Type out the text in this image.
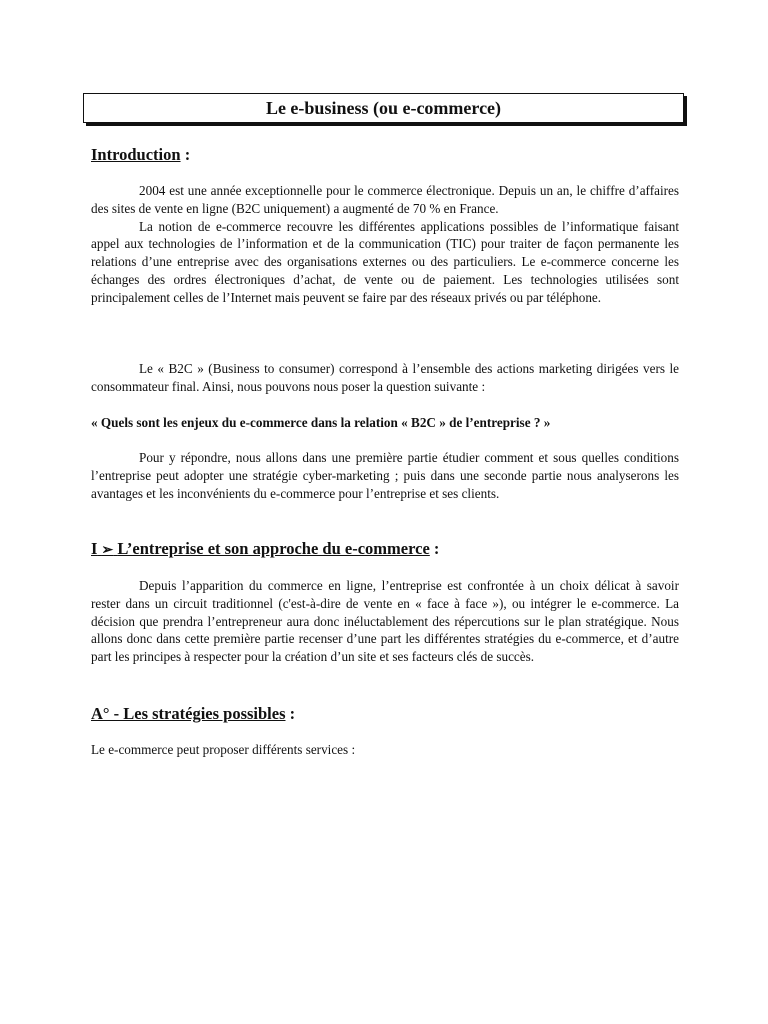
Le e-business (ou e-commerce)
Introduction :

2004 est une année exceptionnelle pour le commerce électronique. Depuis un an, le chiffre d’affaires des sites de vente en ligne (B2C uniquement) a augmenté de 70 % en France.

La notion de e-commerce recouvre les différentes applications possibles de l’informatique faisant appel aux technologies de l’information et de la communication (TIC) pour traiter de façon permanente les relations d’une entreprise avec des organisations externes ou des particuliers. Le e-commerce concerne les échanges des ordres électroniques d’achat, de vente ou de paiement. Les technologies utilisées sont principalement celles de l’Internet mais peuvent se faire par des réseaux privés ou par téléphone.

Le « B2C » (Business to consumer) correspond à l’ensemble des actions marketing dirigées vers le consommateur final. Ainsi, nous pouvons nous poser la question suivante :

« Quels sont les enjeux du e-commerce dans la relation « B2C » de l’entreprise ? »

Pour y répondre, nous allons dans une première partie étudier comment et sous quelles conditions l’entreprise peut adopter une stratégie cyber-marketing ; puis dans une seconde partie nous analyserons les avantages et les inconvénients du e-commerce pour l’entreprise et ses clients.

I ➢ L’entreprise et son approche du e-commerce :

Depuis l’apparition du commerce en ligne, l’entreprise est confrontée à un choix délicat à savoir rester dans un circuit traditionnel (c'est-à-dire de vente en « face à face »), ou intégrer le e-commerce. La décision que prendra l’entrepreneur aura donc inéluctablement des répercutions sur le plan stratégique. Nous allons donc dans cette première partie recenser d’une part les différentes stratégies du e-commerce, et d’autre part les principes à respecter pour la création d’un site et ses facteurs clés de succès.

A° - Les stratégies possibles :

Le e-commerce peut proposer différents services :
